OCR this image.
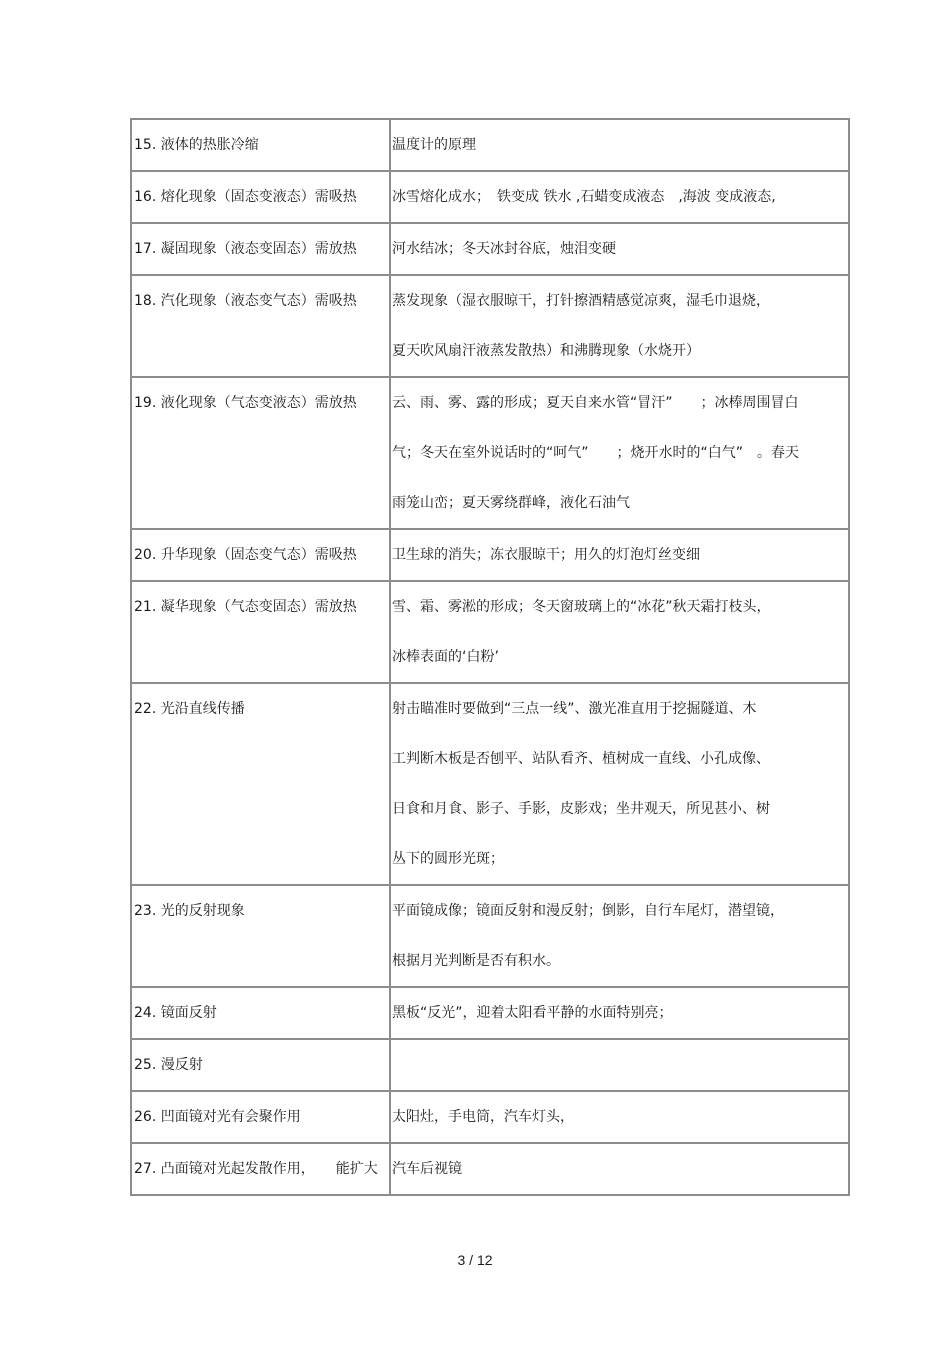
15. 液体的热胀冷缩	温度计的原理

16. 熔化现象（固态变液态）需吸热	冰雪熔化成水；　铁变成 铁水 ,石蜡变成液态　,海波 变成液态,

17. 凝固现象（液态变固态）需放热	河水结冰；冬天冰封谷底，烛泪变硬

18. 汽化现象（液态变气态）需吸热	蒸发现象（湿衣服晾干，打针擦酒精感觉凉爽，湿毛巾退烧，
夏天吹风扇汗液蒸发散热）和沸腾现象（水烧开）

19. 液化现象（气态变液态）需放热	云、雨、雾、露的形成；夏天自来水管“冒汗”　　；冰棒周围冒白
气；冬天在室外说话时的“呵气”　　；烧开水时的“白气”　。春天
雨笼山峦；夏天雾绕群峰，液化石油气

20. 升华现象（固态变气态）需吸热	卫生球的消失；冻衣服晾干；用久的灯泡灯丝变细

21. 凝华现象（气态变固态）需放热	雪、霜、雾淞的形成；冬天窗玻璃上的“冰花”秋天霜打枝头，
冰棒表面的‘白粉’

22. 光沿直线传播	射击瞄准时要做到“三点一线”、激光准直用于挖掘隧道、木
工判断木板是否刨平、站队看齐、植树成一直线、小孔成像、
日食和月食、影子、手影，皮影戏；坐井观天，所见甚小、树
丛下的圆形光斑；

23. 光的反射现象	平面镜成像；镜面反射和漫反射；倒影，自行车尾灯，潜望镜，
根据月光判断是否有积水。

24. 镜面反射	黑板“反光”，迎着太阳看平静的水面特别亮；

25. 漫反射	

26. 凹面镜对光有会聚作用	太阳灶，手电筒，汽车灯头，

27. 凸面镜对光起发散作用，　　能扩大	汽车后视镜
3 / 12
